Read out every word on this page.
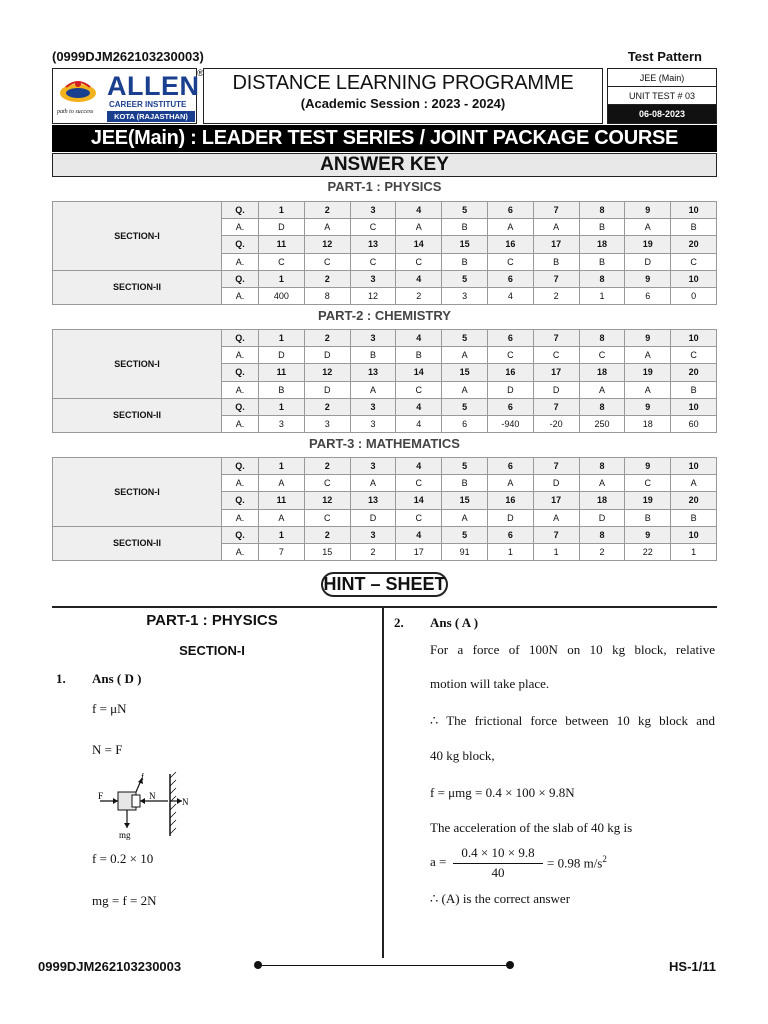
(0999DJM262103230003)	Test Pattern
path to success
ALLEN
®
CAREER INSTITUTE
KOTA (RAJASTHAN)
DISTANCE LEARNING PROGRAMME
(Academic Session : 2023 - 2024)
JEE (Main)
UNIT TEST # 03
06-08-2023
JEE(Main) : LEADER TEST SERIES / JOINT PACKAGE COURSE
ANSWER KEY
PART-1 : PHYSICS
SECTION-I	Q.	1	2	3	4	5	6	7	8	9	10
	A.	D	A	C	A	B	A	A	B	A	B
	Q.	11	12	13	14	15	16	17	18	19	20
	A.	C	C	C	C	B	C	B	B	D	C
SECTION-II	Q.	1	2	3	4	5	6	7	8	9	10
	A.	400	8	12	2	3	4	2	1	6	0
PART-2 : CHEMISTRY
SECTION-I	Q.	1	2	3	4	5	6	7	8	9	10
	A.	D	D	B	B	A	C	C	C	A	C
	Q.	11	12	13	14	15	16	17	18	19	20
	A.	B	D	A	C	A	D	D	A	A	B
SECTION-II	Q.	1	2	3	4	5	6	7	8	9	10
	A.	3	3	3	4	6	-940	-20	250	18	60
PART-3 : MATHEMATICS
SECTION-I	Q.	1	2	3	4	5	6	7	8	9	10
	A.	A	C	A	C	B	A	D	A	C	A
	Q.	11	12	13	14	15	16	17	18	19	20
	A.	A	C	D	C	A	D	A	D	B	B
SECTION-II	Q.	1	2	3	4	5	6	7	8	9	10
	A.	7	15	2	17	91	1	1	2	22	1
HINT – SHEET
PART-1 : PHYSICS
SECTION-I
1. Ans ( D )
f = μN
N = F
F
f
N
N
mg
f = 0.2 × 10
mg = f = 2N
2. Ans ( A )
For a force of 100N on 10 kg block, relative
motion will take place.
∴ The frictional force between 10 kg block and
40 kg block,
f = μmg = 0.4 × 100 × 9.8N
The acceleration of the slab of 40 kg is
a =
0.4 × 10 × 9.8
40
= 0.98 $m/s^2$
∴ (A) is the correct answer
0999DJM262103230003	HS-1/11
